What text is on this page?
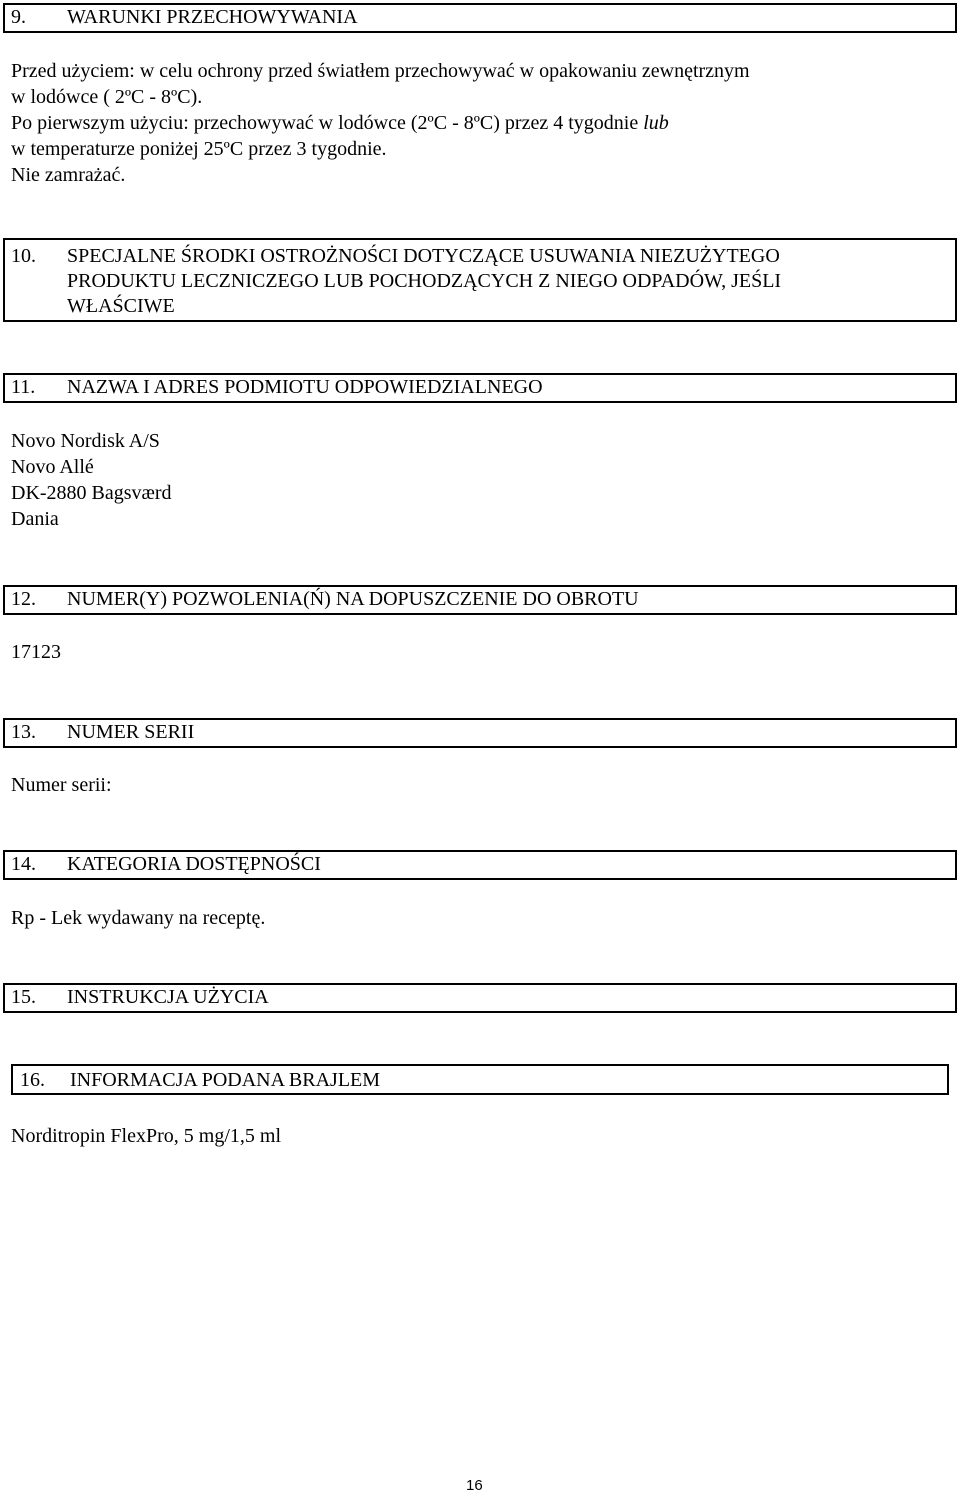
9. WARUNKI PRZECHOWYWANIA
Przed użyciem: w celu ochrony przed światłem przechowywać w opakowaniu zewnętrznym
w lodówce ( 2ºC - 8ºC).
Po pierwszym użyciu: przechowywać w lodówce (2ºC - 8ºC) przez 4 tygodnie lub
w temperaturze poniżej 25ºC przez 3 tygodnie.
Nie zamrażać.
10. SPECJALNE ŚRODKI OSTROŻNOŚCI DOTYCZĄCE USUWANIA NIEZUŻYTEGO
PRODUKTU LECZNICZEGO LUB POCHODZĄCYCH Z NIEGO ODPADÓW, JEŚLI
WŁAŚCIWE
11. NAZWA I ADRES PODMIOTU ODPOWIEDZIALNEGO
Novo Nordisk A/S
Novo Allé
DK-2880 Bagsværd
Dania
12. NUMER(Y) POZWOLENIA(Ń) NA DOPUSZCZENIE DO OBROTU
17123
13. NUMER SERII
Numer serii:
14. KATEGORIA DOSTĘPNOŚCI
Rp - Lek wydawany na receptę.
15. INSTRUKCJA UŻYCIA
16. INFORMACJA PODANA BRAJLEM
Norditropin FlexPro, 5 mg/1,5 ml
16
